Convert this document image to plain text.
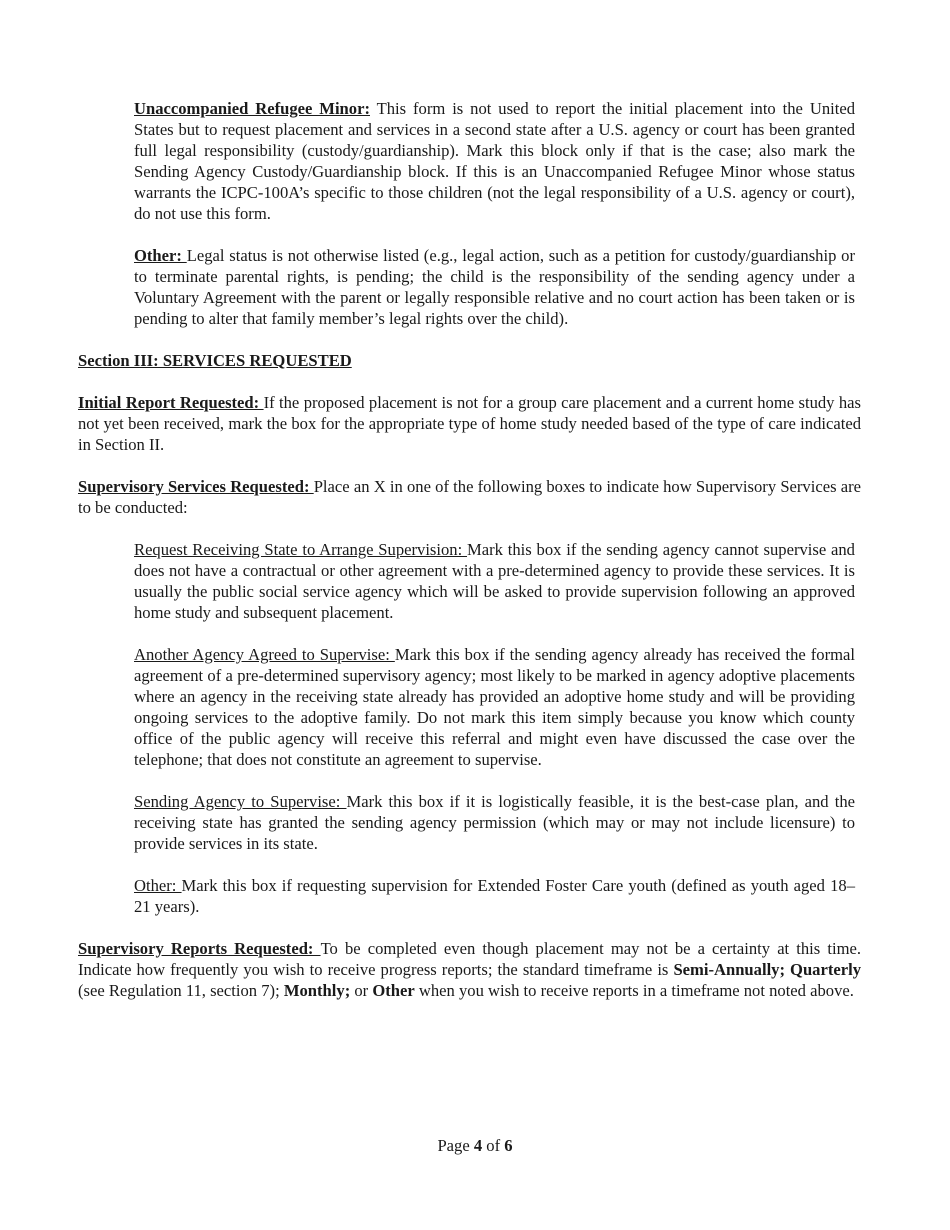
Unaccompanied Refugee Minor: This form is not used to report the initial placement into the United States but to request placement and services in a second state after a U.S. agency or court has been granted full legal responsibility (custody/guardianship). Mark this block only if that is the case; also mark the Sending Agency Custody/Guardianship block. If this is an Unaccompanied Refugee Minor whose status warrants the ICPC-100A’s specific to those children (not the legal responsibility of a U.S. agency or court), do not use this form.

Other: Legal status is not otherwise listed (e.g., legal action, such as a petition for custody/guardianship or to terminate parental rights, is pending; the child is the responsibility of the sending agency under a Voluntary Agreement with the parent or legally responsible relative and no court action has been taken or is pending to alter that family member’s legal rights over the child).

Section III: SERVICES REQUESTED

Initial Report Requested: If the proposed placement is not for a group care placement and a current home study has not yet been received, mark the box for the appropriate type of home study needed based of the type of care indicated in Section II.

Supervisory Services Requested: Place an X in one of the following boxes to indicate how Supervisory Services are to be conducted:

Request Receiving State to Arrange Supervision: Mark this box if the sending agency cannot supervise and does not have a contractual or other agreement with a pre-determined agency to provide these services. It is usually the public social service agency which will be asked to provide supervision following an approved home study and subsequent placement.

Another Agency Agreed to Supervise: Mark this box if the sending agency already has received the formal agreement of a pre-determined supervisory agency; most likely to be marked in agency adoptive placements where an agency in the receiving state already has provided an adoptive home study and will be providing ongoing services to the adoptive family. Do not mark this item simply because you know which county office of the public agency will receive this referral and might even have discussed the case over the telephone; that does not constitute an agreement to supervise.

Sending Agency to Supervise: Mark this box if it is logistically feasible, it is the best-case plan, and the receiving state has granted the sending agency permission (which may or may not include licensure) to provide services in its state.

Other: Mark this box if requesting supervision for Extended Foster Care youth (defined as youth aged 18–21 years).

Supervisory Reports Requested: To be completed even though placement may not be a certainty at this time. Indicate how frequently you wish to receive progress reports; the standard timeframe is Semi-Annually; Quarterly (see Regulation 11, section 7); Monthly; or Other when you wish to receive reports in a timeframe not noted above.

Page 4 of 6
